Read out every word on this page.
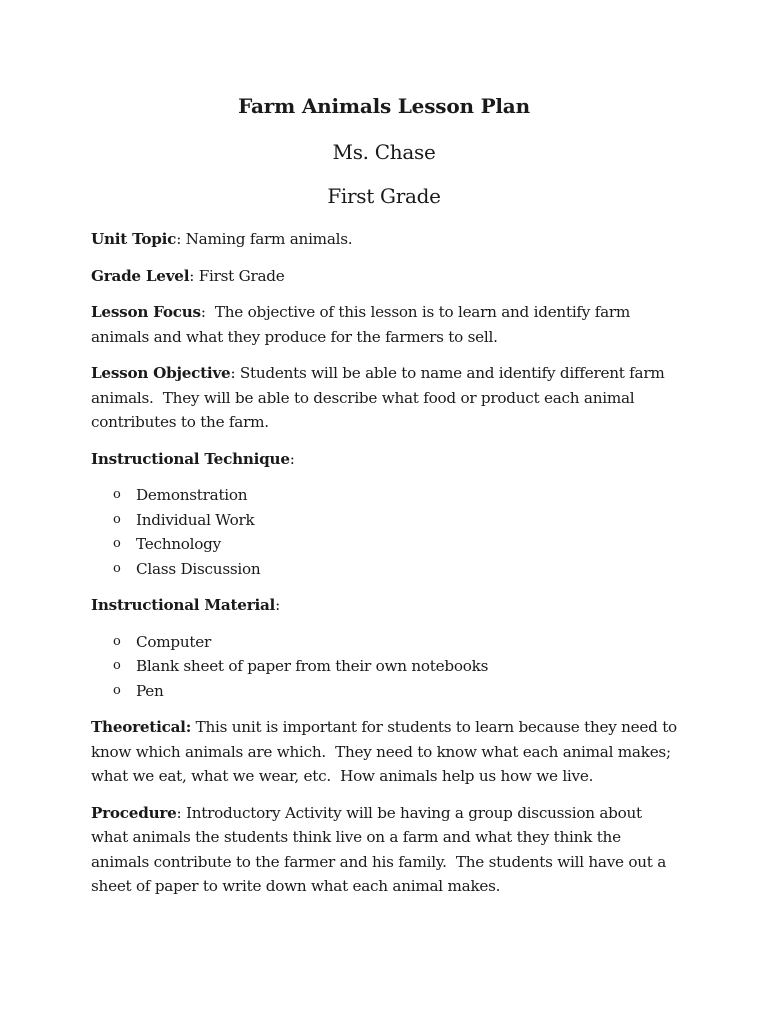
Farm Animals Lesson Plan
Ms. Chase
First Grade

Unit Topic: Naming farm animals.

Grade Level: First Grade

Lesson Focus:  The objective of this lesson is to learn and identify farm
animals and what they produce for the farmers to sell.

Lesson Objective: Students will be able to name and identify different farm
animals.  They will be able to describe what food or product each animal
contributes to the farm.

Instructional Technique:

o Demonstration
o Individual Work
o Technology
o Class Discussion

Instructional Material:

o Computer
o Blank sheet of paper from their own notebooks
o Pen

Theoretical: This unit is important for students to learn because they need to
know which animals are which.  They need to know what each animal makes;
what we eat, what we wear, etc.  How animals help us how we live.

Procedure: Introductory Activity will be having a group discussion about
what animals the students think live on a farm and what they think the
animals contribute to the farmer and his family.  The students will have out a
sheet of paper to write down what each animal makes.
